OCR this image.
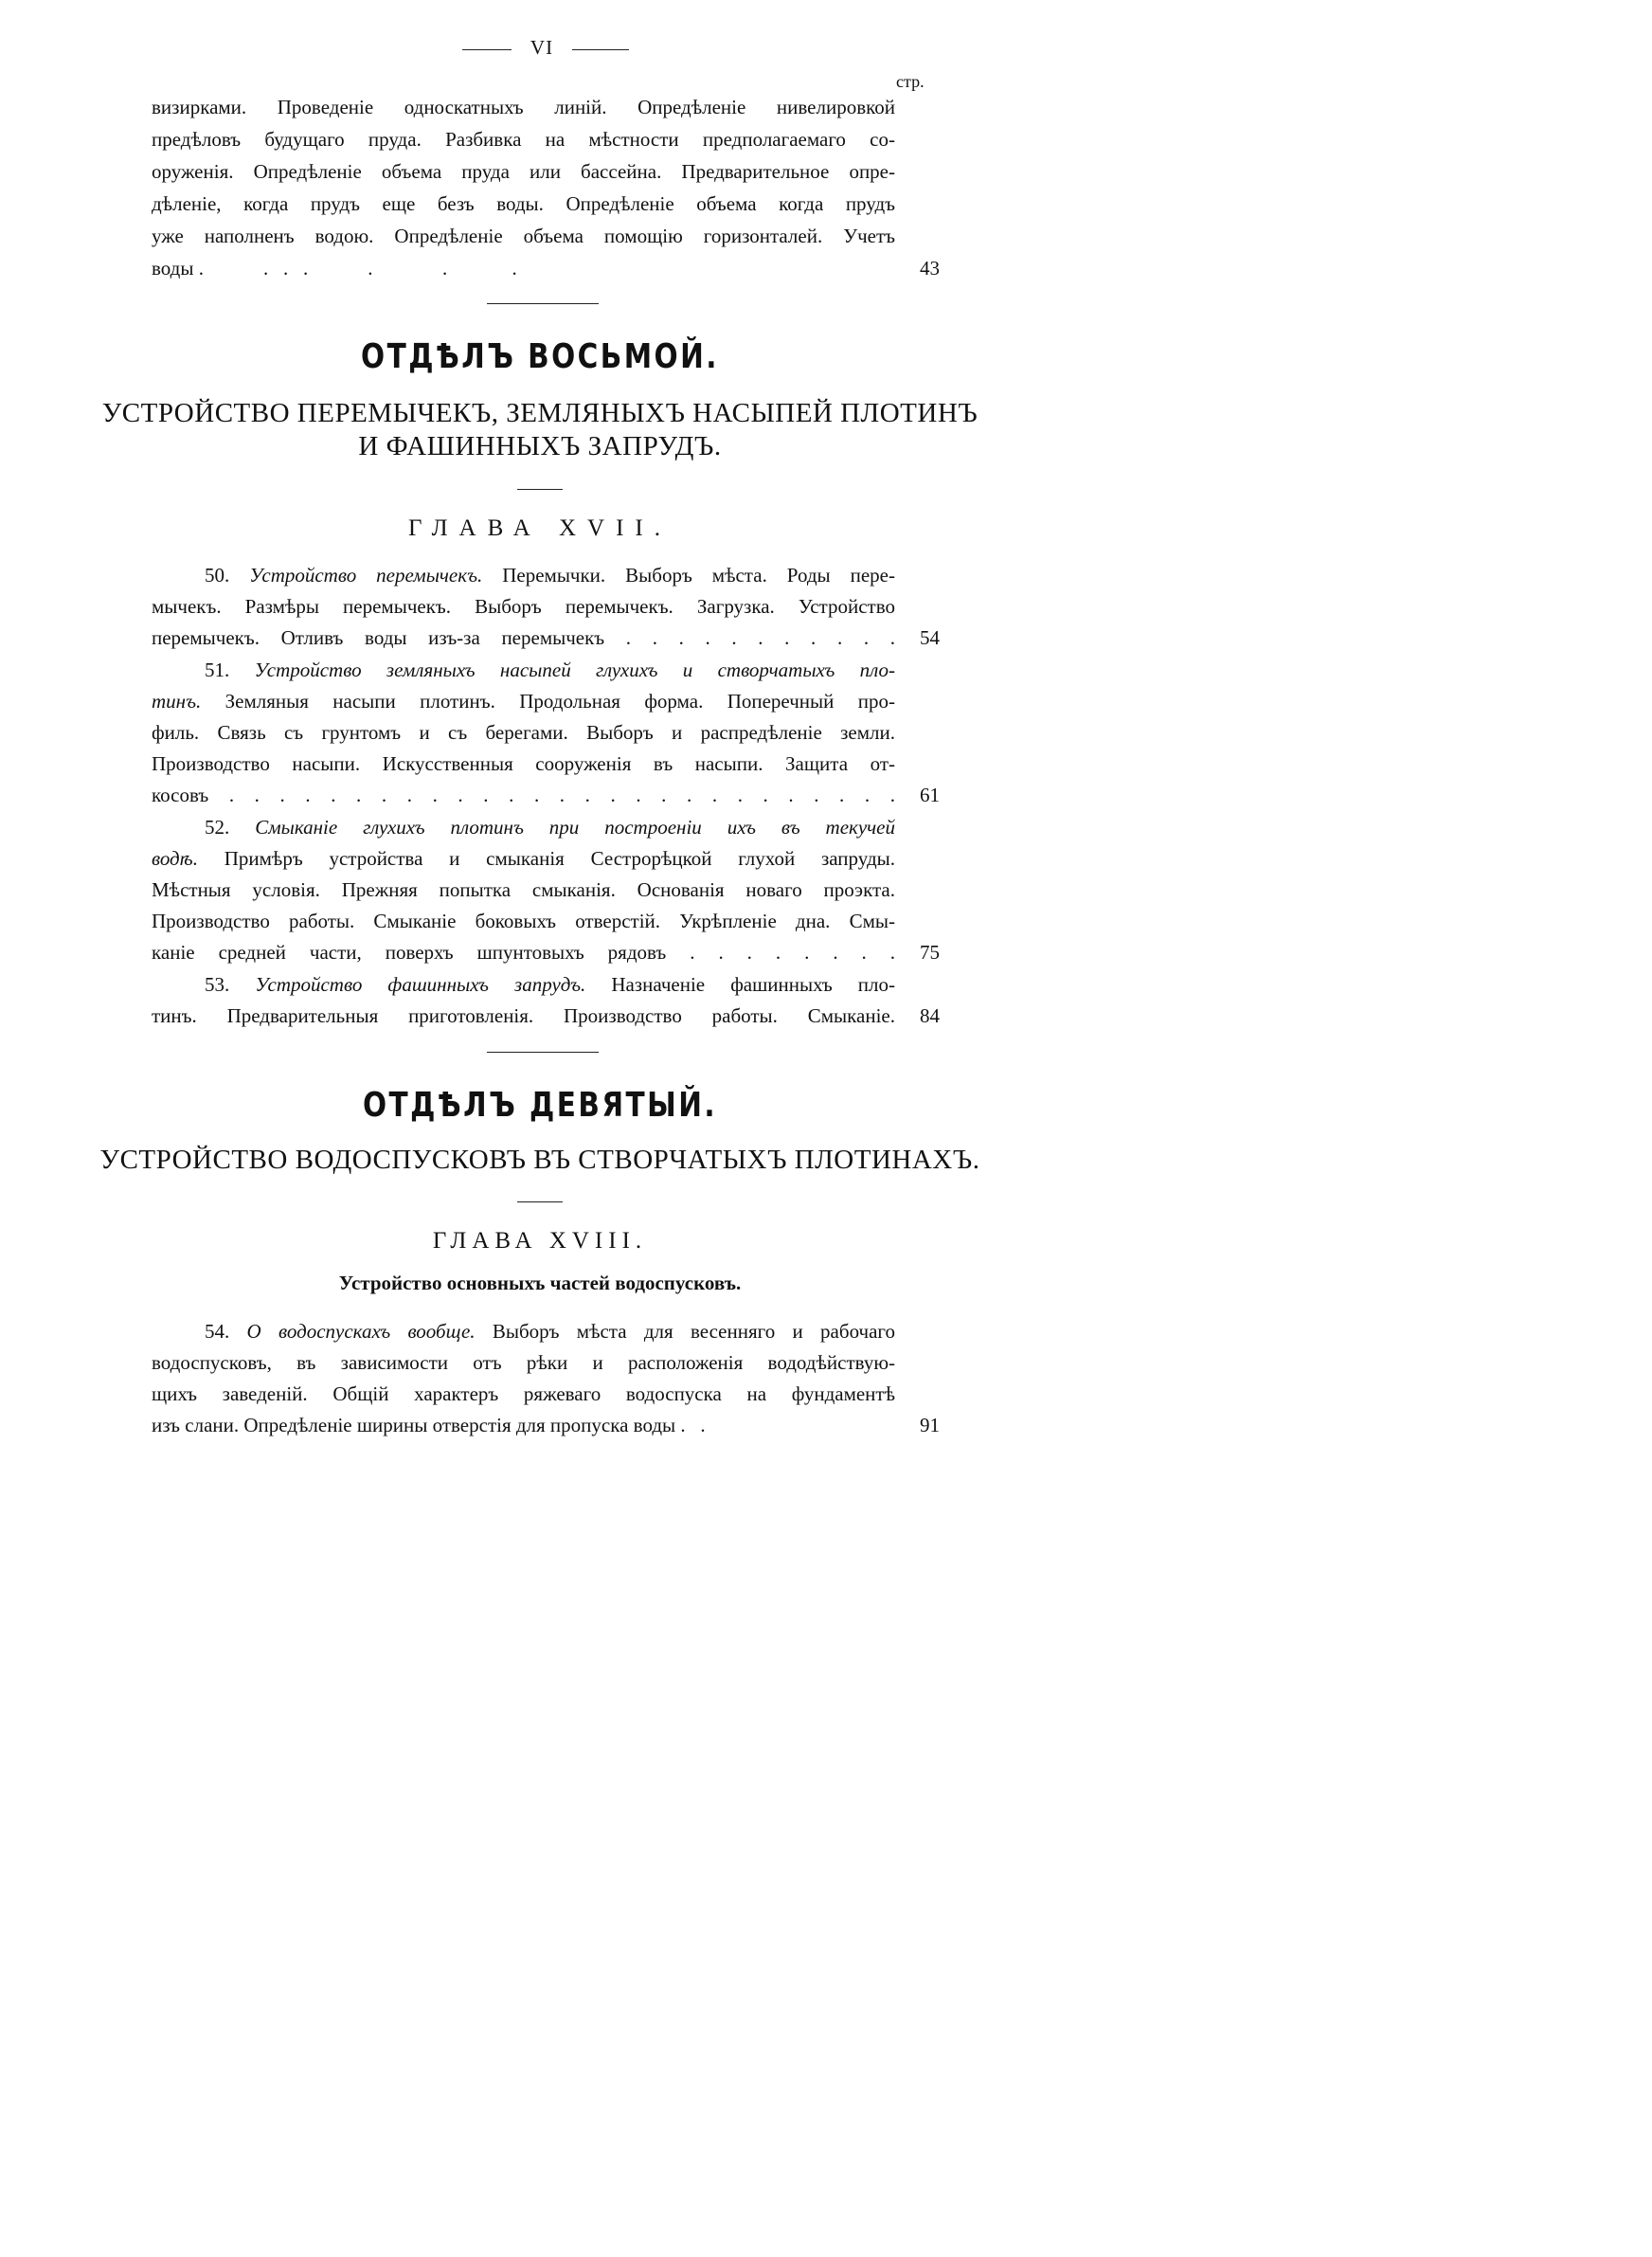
VI
стр.
визирками. Проведеніе односкатныхъ линій. Опредѣленіе нивелировкой
предѣловъ будущаго пруда. Разбивка на мѣстности предполагаемаго со-
оруженія. Опредѣленіе объема пруда или бассейна. Предварительное опре-
дѣленіе, когда прудъ еще безъ воды. Опредѣленіе объема когда прудъ
уже наполненъ водою. Опредѣленіе объема помощію горизонталей. Учетъ
воды .            .   .   .            .              .             .	43
ОТДѢЛЪ ВОСЬМОЙ.
УСТРОЙСТВО ПЕРЕМЫЧЕКЪ, ЗЕМЛЯНЫХЪ НАСЫПЕЙ ПЛОТИНЪ
И ФАШИННЫХЪ ЗАПРУДЪ.
ГЛАВА XVII.
50. Устройство перемычекъ. Перемычки. Выборъ мѣста. Роды пере-
мычекъ. Размѣры перемычекъ. Выборъ перемычекъ. Загрузка. Устройство
перемычекъ. Отливъ воды изъ-за перемычекъ . . . . . . . . . . .	54
51. Устройство земляныхъ насыпей глухихъ и створчатыхъ пло-
тинъ. Земляныя насыпи плотинъ. Продольная форма. Поперечный про-
филь. Связь съ грунтомъ и съ берегами. Выборъ и распредѣленіе земли.
Производство насыпи. Искусственныя сооруженія въ насыпи. Защита от-
косовъ . . . . . . . . . . . . . . . . . . . . . . . . . . .	61
52. Смыканіе глухихъ плотинъ при построеніи ихъ въ текучей
водѣ. Примѣръ устройства и смыканія Сестрорѣцкой глухой запруды.
Мѣстныя условія. Прежняя попытка смыканія. Основанія новаго проэкта.
Производство работы. Смыканіе боковыхъ отверстій. Укрѣпленіе дна. Смы-
каніе средней части, поверхъ шпунтовыхъ рядовъ . . . . . . . .	75
53. Устройство фашинныхъ запрудъ. Назначеніе фашинныхъ пло-
тинъ. Предварительныя приготовленія. Производство работы. Смыканіе.	84
ОТДѢЛЪ ДЕВЯТЫЙ.
УСТРОЙСТВО ВОДОСПУСКОВЪ ВЪ СТВОРЧАТЫХЪ ПЛОТИНАХЪ.
ГЛАВА XVIII.
Устройство основныхъ частей водоспусковъ.
54. О водоспускахъ вообще. Выборъ мѣста для весенняго и рабочаго
водоспусковъ, въ зависимости отъ рѣки и расположенія вододѣйствую-
щихъ заведеній. Общій характеръ ряжеваго водоспуска на фундаментѣ
изъ слани. Опредѣленіе ширины отверстія для пропуска воды .   .	91
